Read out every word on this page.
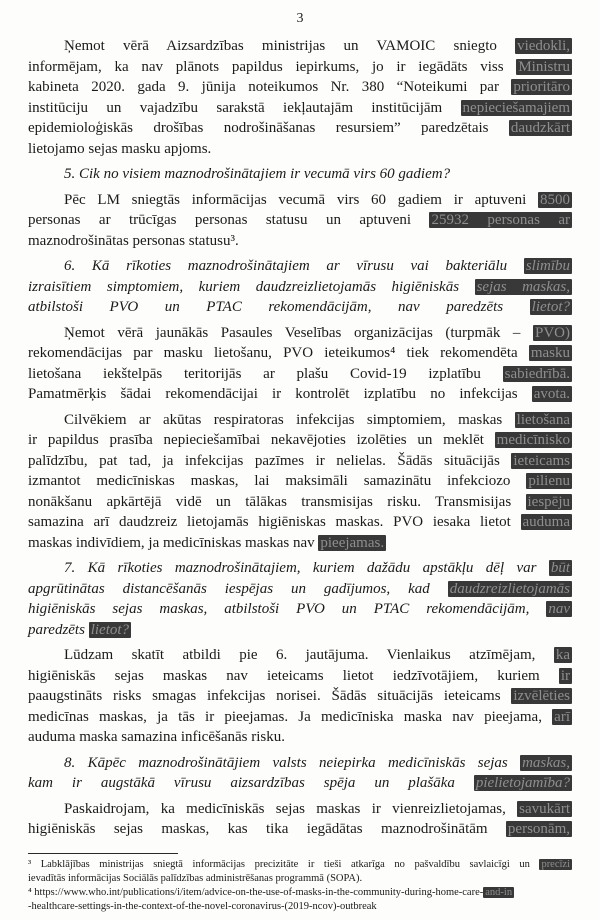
3
Ņemot vērā Aizsardzības ministrijas un VAMOIC sniegto viedokli,
informējam, ka nav plānots papildus iepirkums, jo ir iegādāts viss Ministru
kabineta 2020. gada 9. jūnija noteikumos Nr. 380 “Noteikumi par prioritāro
institūciju un vajadzību sarakstā iekļautajām institūcijām nepieciešamajiem
epidemioloģiskās drošības nodrošināšanas resursiem” paredzētais daudzkārt
lietojamo sejas masku apjoms.
5. Cik no visiem maznodrošinātajiem ir vecumā virs 60 gadiem?
Pēc LM sniegtās informācijas vecumā virs 60 gadiem ir aptuveni 8500
personas ar trūcīgas personas statusu un aptuveni 25932 personas ar
maznodrošinātas personas statusu³.
6. Kā rīkoties maznodrošinātajiem ar vīrusu vai bakteriālu slimību
izraisītiem simptomiem, kuriem daudzreizlietojamās higiēniskās sejas maskas,
atbilstoši PVO un PTAC rekomendācijām, nav paredzēts lietot?
Ņemot vērā jaunākās Pasaules Veselības organizācijas (turpmāk – PVO)
rekomendācijas par masku lietošanu, PVO ieteikumos⁴ tiek rekomendēta masku
lietošana iekštelpās teritorijās ar plašu Covid-19 izplatību sabiedrībā.
Pamatmērķis šādai rekomendācijai ir kontrolēt izplatību no infekcijas avota.
Cilvēkiem ar akūtas respiratoras infekcijas simptomiem, maskas lietošana
ir papildus prasība nepieciešamībai nekavējoties izolēties un meklēt medicīnisko
palīdzību, pat tad, ja infekcijas pazīmes ir nelielas. Šādās situācijās ieteicams
izmantot medicīniskas maskas, lai maksimāli samazinātu infekciozo pilienu
nonākšanu apkārtējā vidē un tālākas transmisijas risku. Transmisijas iespēju
samazina arī daudzreiz lietojamās higiēniskas maskas. PVO iesaka lietot auduma
maskas indivīdiem, ja medicīniskas maskas nav pieejamas.
7. Kā rīkoties maznodrošinātajiem, kuriem dažādu apstākļu dēļ var būt
apgrūtinātas distancēšanās iespējas un gadījumos, kad daudzreizlietojamās
higiēniskās sejas maskas, atbilstoši PVO un PTAC rekomendācijām, nav
paredzēts lietot?
Lūdzam skatīt atbildi pie 6. jautājuma. Vienlaikus atzīmējam, ka
higiēniskās sejas maskas nav ieteicams lietot iedzīvotājiem, kuriem ir
paaugstināts risks smagas infekcijas norisei. Šādās situācijās ieteicams izvēlēties
medicīnas maskas, ja tās ir pieejamas. Ja medicīniska maska nav pieejama, arī
auduma maska samazina inficēšanās risku.
8. Kāpēc maznodrošinātājiem valsts neiepirka medicīniskās sejas maskas,
kam ir augstākā vīrusu aizsardzības spēja un plašāka pielietojamība?
Paskaidrojam, ka medicīniskās sejas maskas ir vienreizlietojamas, savukārt
higiēniskās sejas maskas, kas tika iegādātas maznodrošinātām personām,
³ Labklājības ministrijas sniegtā informācijas precizitāte ir tieši atkarīga no pašvaldību savlaicīgi un precīzi
ievadītās informācijas Sociālās palīdzības administrēšanas programmā (SOPA).
⁴ https://www.who.int/publications/i/item/advice-on-the-use-of-masks-in-the-community-during-home-care- and-in
-healthcare-settings-in-the-context-of-the-novel-coronavirus-(2019-ncov)-outbreak
